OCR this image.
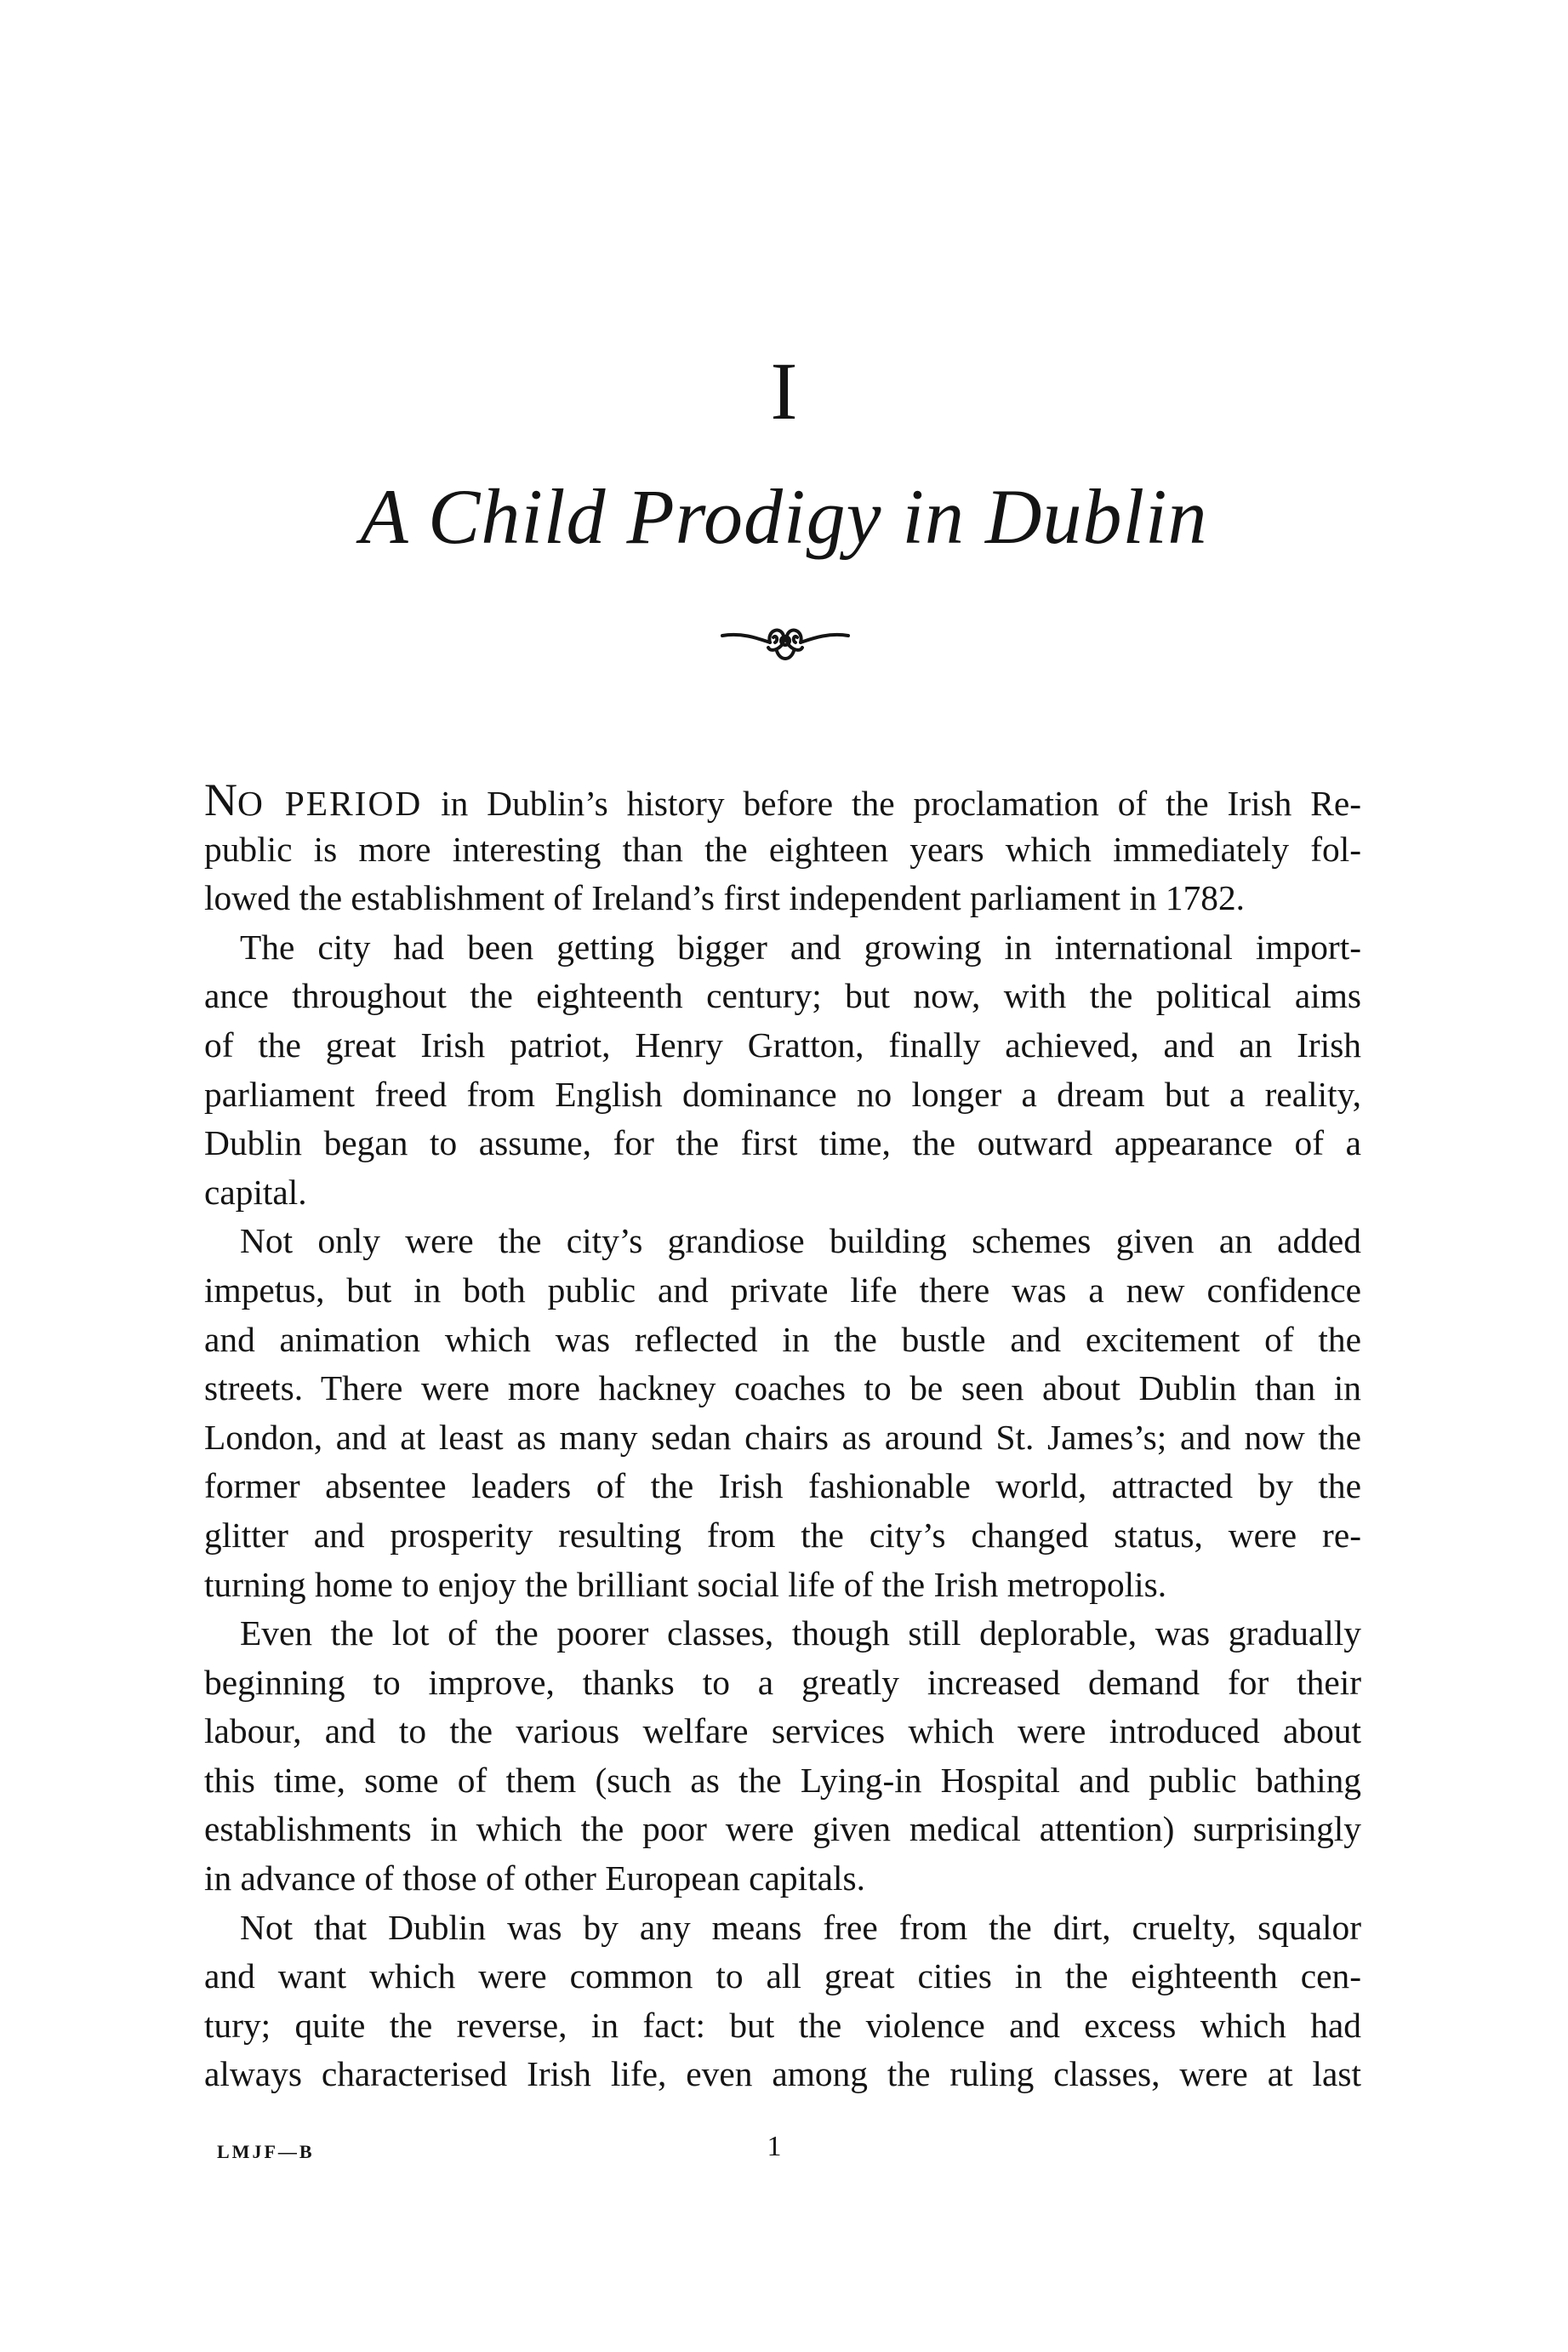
I
A Child Prodigy in Dublin
NO PERIOD in Dublin’s history before the proclamation of the Irish Re-
public is more interesting than the eighteen years which immediately fol-
lowed the establishment of Ireland’s first independent parliament in 1782.
The city had been getting bigger and growing in international import-
ance throughout the eighteenth century; but now, with the political aims
of the great Irish patriot, Henry Gratton, finally achieved, and an Irish
parliament freed from English dominance no longer a dream but a reality,
Dublin began to assume, for the first time, the outward appearance of a
capital.
Not only were the city’s grandiose building schemes given an added
impetus, but in both public and private life there was a new confidence
and animation which was reflected in the bustle and excitement of the
streets. There were more hackney coaches to be seen about Dublin than in
London, and at least as many sedan chairs as around St. James’s; and now the
former absentee leaders of the Irish fashionable world, attracted by the
glitter and prosperity resulting from the city’s changed status, were re-
turning home to enjoy the brilliant social life of the Irish metropolis.
Even the lot of the poorer classes, though still deplorable, was gradually
beginning to improve, thanks to a greatly increased demand for their
labour, and to the various welfare services which were introduced about
this time, some of them (such as the Lying-in Hospital and public bathing
establishments in which the poor were given medical attention) surprisingly
in advance of those of other European capitals.
Not that Dublin was by any means free from the dirt, cruelty, squalor
and want which were common to all great cities in the eighteenth cen-
tury; quite the reverse, in fact: but the violence and excess which had
always characterised Irish life, even among the ruling classes, were at last
LMJF—B	1
